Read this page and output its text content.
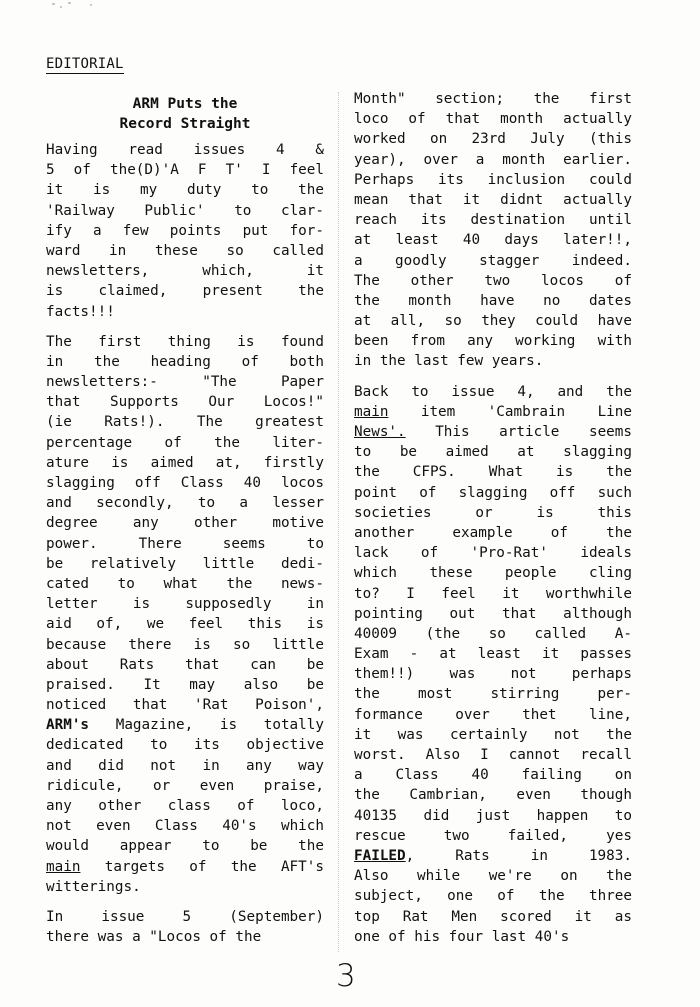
EDITORIAL
ARM Puts the
Record Straight

Having read issues 4 &
5 of the(D)'A F T' I feel
it is my duty to the
'Railway Public' to clar-
ify a few points put for-
ward in these so called
newsletters, which, it
is claimed, present the
facts!!!

The first thing is found
in the heading of both
newsletters:- "The Paper
that Supports Our Locos!"
(ie Rats!). The greatest
percentage of the liter-
ature is aimed at, firstly
slagging off Class 40 locos
and secondly, to a lesser
degree any other motive
power. There seems to
be relatively little dedi-
cated to what the news-
letter is supposedly in
aid of, we feel this is
because there is so little
about Rats that can be
praised. It may also be
noticed that 'Rat Poison',
ARM's Magazine, is totally
dedicated to its objective
and did not in any way
ridicule, or even praise,
any other class of loco,
not even Class 40's which
would appear to be the
main targets of the AFT's
witterings.

In issue 5 (September)
there was a "Locos of the

Month" section; the first
loco of that month actually
worked on 23rd July (this
year), over a month earlier.
Perhaps its inclusion could
mean that it didnt actually
reach its destination until
at least 40 days later!!,
a goodly stagger indeed.
The other two locos of
the month have no dates
at all, so they could have
been from any working with
in the last few years.

Back to issue 4, and the
main item 'Cambrain Line
News'. This article seems
to be aimed at slagging
the CFPS. What is the
point of slagging off such
societies or is this
another example of the
lack of 'Pro-Rat' ideals
which these people cling
to? I feel it worthwhile
pointing out that although
40009 (the so called A-
Exam - at least it passes
them!!) was not perhaps
the most stirring per-
formance over thet line,
it was certainly not the
worst. Also I cannot recall
a Class 40 failing on
the Cambrian, even though
40135 did just happen to
rescue two failed, yes
FAILED, Rats in 1983.
Also while we're on the
subject, one of the three
top Rat Men scored it as
one of his four last 40's

3
